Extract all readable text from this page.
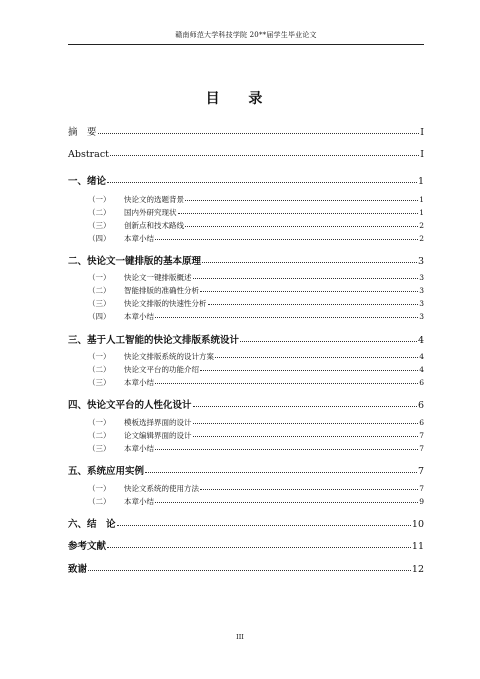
赣南师范大学科技学院 20**届学生毕业论文
目 录
摘　要	I
Abstract	I
一、绪论	1
（一） 快论文的选题背景	1
（二） 国内外研究现状	1
（三） 创新点和技术路线	2
（四） 本章小结	2
二、快论文一键排版的基本原理	3
（一） 快论文一键排版概述	3
（二） 智能排版的准确性分析	3
（三） 快论文排版的快速性分析	3
（四） 本章小结	3
三、基于人工智能的快论文排版系统设计	4
（一） 快论文排版系统的设计方案	4
（二） 快论文平台的功能介绍	4
（三） 本章小结	6
四、快论文平台的人性化设计	6
（一） 模板选择界面的设计	6
（二） 论文编辑界面的设计	7
（三） 本章小结	7
五、系统应用实例	7
（一） 快论文系统的使用方法	7
（二） 本章小结	9
六、结　论	10
参考文献	11
致谢	12
III
